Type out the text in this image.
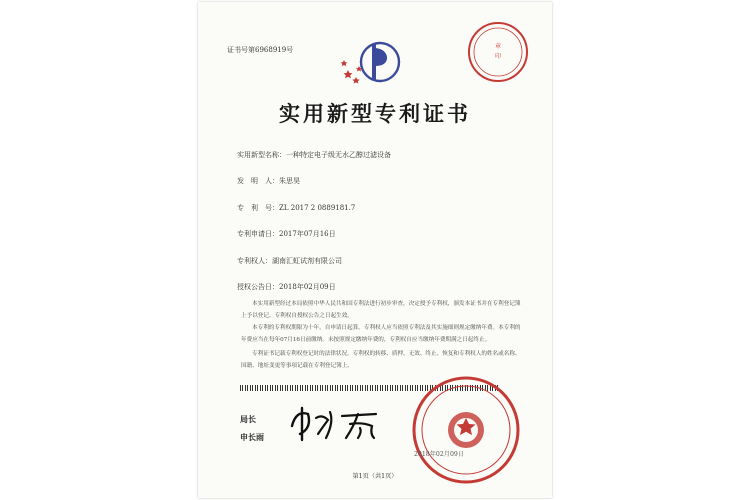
证书号第6968919号	章
印
实用新型专利证书
实用新型名称：一种特定电子级无水乙醇过滤设备
发　明　人：朱思昊
专　利　号：ZL 2017 2 0889181.7
专利申请日：2017年07月16日
专利权人：湖南汇虹试剂有限公司
授权公告日：2018年02月09日
本实用新型经过本局依照中华人民共和国专利法进行初步审查，决定授予专利权，颁发本证书并在专利登记簿上予以登记。专利权自授权公告之日起生效。
本专利的专利权期限为十年，自申请日起算。专利权人应当依照专利法及其实施细则规定缴纳年费。本专利的年费应当在每年07月16日前缴纳。未按照规定缴纳年费的，专利权自应当缴纳年费期满之日起终止。
专利证书记载专利权登记时的法律状况。专利权的转移、质押、无效、终止、恢复和专利权人的姓名或名称、国籍、地址变更等事项记载在专利登记簿上。
局长
申长雨
2018年02月09日
第1页（共1页）
